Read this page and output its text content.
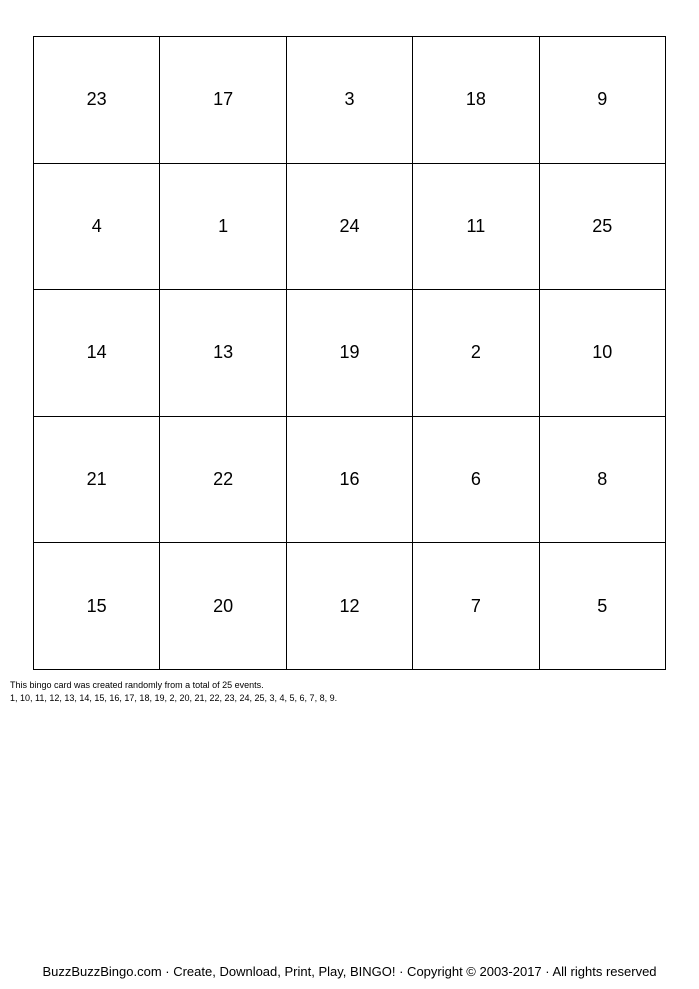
23	17	3	18	9
4	1	24	11	25
14	13	19	2	10
21	22	16	6	8
15	20	12	7	5
This bingo card was created randomly from a total of 25 events.
1, 10, 11, 12, 13, 14, 15, 16, 17, 18, 19, 2, 20, 21, 22, 23, 24, 25, 3, 4, 5, 6, 7, 8, 9.
BuzzBuzzBingo.com · Create, Download, Print, Play, BINGO! · Copyright © 2003-2017 · All rights reserved
